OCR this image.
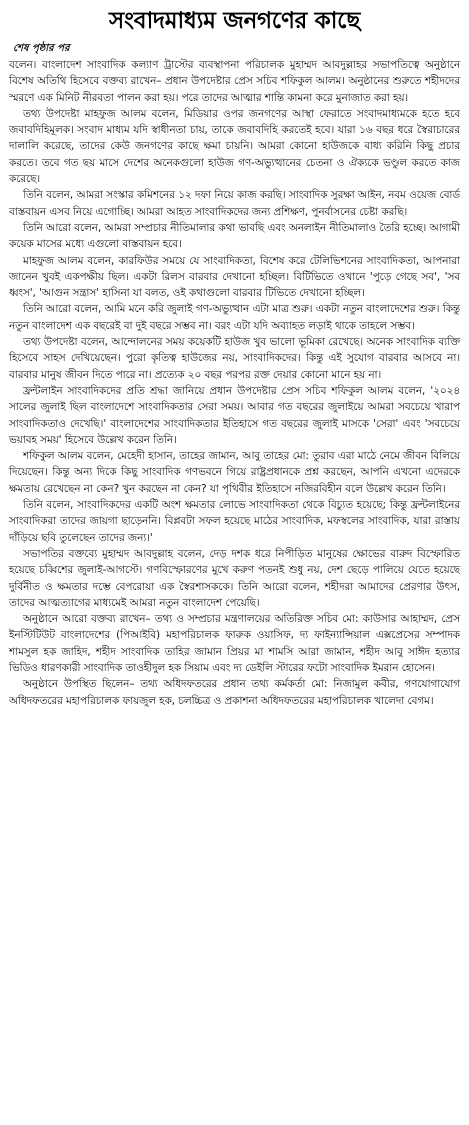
সংবাদমাধ্যম জনগণের কাছে
শেষ পৃষ্ঠার পর

বলেন। বাংলাদেশ সাংবাদিক কল্যাণ ট্রাস্টের ব্যবস্থাপনা পরিচালক মুহাম্মদ আবদুল্লাহর সভাপতিত্বে অনুষ্ঠানে বিশেষ অতিথি হিসেবে বক্তব্য রাখেন– প্রধান উপদেষ্টার প্রেস সচিব শফিকুল আলম। অনুষ্ঠানের শুরুতে শহীদদের স্মরণে এক মিনিট নীরবতা পালন করা হয়। পরে তাদের আত্মার শান্তি কামনা করে মুনাজাত করা হয়।

তথ্য উপদেষ্টা মাহফুজ আলম বলেন, মিডিয়ার ওপর জনগণের আস্থা ফেরাতে সংবাদমাধ্যমকে হতে হবে জবাবদিহিমূলক। সংবাদ মাধ্যম যদি স্বাধীনতা চায়, তাকে জবাবদিহি করতেই হবে। যারা ১৬ বছর ধরে স্বৈরাচারের দালালি করেছে, তাদের কেউ জনগণের কাছে ক্ষমা চায়নি। আমরা কোনো হাউজকে বাধ্য করিনি কিছু প্রচার করতে। তবে গত ছয় মাসে দেশের অনেকগুলো হাউজ গণ-অভ্যুত্থানের চেতনা ও ঐক্যকে ভণ্ডুল করতে কাজ করেছে।

তিনি বলেন, আমরা সংস্কার কমিশনের ১২ দফা নিয়ে কাজ করছি। সাংবাদিক সুরক্ষা আইন, নবম ওয়েজ বোর্ড বাস্তবায়ন এসব নিয়ে এগোচ্ছি। আমরা আহত সাংবাদিকদের জন্য প্রশিক্ষণ, পুনর্বাসনের চেষ্টা করছি।

তিনি আরো বলেন, আমরা সম্প্রচার নীতিমালার কথা ভাবছি এবং অনলাইন নীতিমালাও তৈরি হচ্ছে। আগামী কয়েক মাসের মধ্যে এগুলো বাস্তবায়ন হবে।

মাহফুজ আলম বলেন, কারফিউর সময়ে যে সাংবাদিকতা, বিশেষ করে টেলিভিশনের সাংবাদিকতা, আপনারা জানেন খুবই একপক্ষীয় ছিল। একটা রিলস বারবার দেখানো হচ্ছিল। বিটিভিতে ওখানে 'পুড়ে গেছে সব', 'সব ধ্বংস', 'আগুন সন্ত্রাস' হাসিনা যা বলত, ওই কথাগুলো বারবার টিভিতে দেখানো হচ্ছিল।

তিনি আরো বলেন, আমি মনে করি জুলাই গণ-অভ্যুত্থান এটা মাত্র শুরু। একটা নতুন বাংলাদেশের শুরু। কিন্তু নতুন বাংলাদেশ এক বছরেই বা দুই বছরে সম্ভব না। বরং এটা যদি অব্যাহত লড়াই থাকে তাহলে সম্ভব।

তথ্য উপদেষ্টা বলেন, আন্দোলনের সময় কয়েকটি হাউজ খুব ভালো ভূমিকা রেখেছে। অনেক সাংবাদিক ব্যক্তি হিসেবে সাহস দেখিয়েছেন। পুরো কৃতিত্ব হাউজের নয়, সাংবাদিকদের। কিন্তু এই সুযোগ বারবার আসবে না। বারবার মানুষ জীবন দিতে পারে না। প্রত্যেক ২০ বছর পরপর রক্ত দেয়ার কোনো মানে হয় না।

ফ্রন্টলাইন সাংবাদিকদের প্রতি শ্রদ্ধা জানিয়ে প্রধান উপদেষ্টার প্রেস সচিব শফিকুল আলম বলেন, '২০২৪ সালের জুলাই ছিল বাংলাদেশে সাংবাদিকতার সেরা সময়। আবার গত বছরের জুলাইয়ে আমরা সবচেয়ে খারাপ সাংবাদিকতাও দেখেছি।' বাংলাদেশের সাংবাদিকতার ইতিহাসে গত বছরের জুলাই মাসকে 'সেরা' এবং 'সবচেয়ে ভয়াবহ সময়' হিসেবে উল্লেখ করেন তিনি।

শফিকুল আলম বলেন, মেহেদী হাসান, তাহের জামান, আবু তাহের মো: তুরাব এরা মাঠে নেমে জীবন বিলিয়ে দিয়েছেন। কিন্তু অন্য দিকে কিছু সাংবাদিক গণভবনে গিয়ে রাষ্ট্রপ্রধানকে প্রশ্ন করছেন, আপনি এখনো এদেরকে ক্ষমতায় রেখেছেন না কেন? খুন করছেন না কেন? যা পৃথিবীর ইতিহাসে নজিরবিহীন বলে উল্লেখ করেন তিনি।

তিনি বলেন, সাংবাদিকদের একটি অংশ ক্ষমতার লোভে সাংবাদিকতা থেকে বিচ্যুত হয়েছে; কিন্তু ফ্রন্টলাইনের সাংবাদিকরা তাদের জায়গা ছাড়েননি। বিপ্লবটা সফল হয়েছে মাঠের সাংবাদিক, মফস্বলের সাংবাদিক, যারা রাস্তায় দাঁড়িয়ে ছবি তুলেছেন তাদের জন্য।'

সভাপতির বক্তব্যে মুহাম্মদ আবদুল্লাহ বলেন, দেড় দশক ধরে নিপীড়িত মানুষের ক্ষোভের বারুদ বিস্ফোরিত হয়েছে চব্বিশের জুলাই-আগস্টে। গণবিস্ফোরণের মুখে করুণ পতনই শুধু নয়, দেশ ছেড়ে পালিয়ে যেতে হয়েছে দুর্বিনীত ও ক্ষমতার দম্ভে বেপরোয়া এক স্বৈরশাসককে। তিনি আরো বলেন, শহীদরা আমাদের প্রেরণার উৎস, তাদের আত্মত্যাগের মাধ্যমেই আমরা নতুন বাংলাদেশ পেয়েছি।

অনুষ্ঠানে আরো বক্তব্য রাখেন– তথ্য ও সম্প্রচার মন্ত্রণালয়ের অতিরিক্ত সচিব মো: কাউসার আহাম্মদ, প্রেস ইনস্টিটিউট বাংলাদেশের (পিআইবি) মহাপরিচালক ফারুক ওয়াসিফ, দ্য ফাইন্যান্সিয়াল এক্সপ্রেসের সম্পাদক শামসুল হক জাহিদ, শহীদ সাংবাদিক তাহির জামান প্রিয়র মা শামসি আরা জামান, শহীদ আবু সাঈদ হত্যার ভিডিও ধারণকারী সাংবাদিক তাওহীদুল হক সিয়াম এবং দ্য ডেইলি স্টারের ফটো সাংবাদিক ইমরান হোসেন।

অনুষ্ঠানে উপস্থিত ছিলেন– তথ্য অধিদফতরের প্রধান তথ্য কর্মকর্তা মো: নিজামুল কবীর, গণযোগাযোগ অধিদফতরের মহাপরিচালক ফায়জুল হক, চলচ্চিত্র ও প্রকাশনা অধিদফতরের মহাপরিচালক খালেদা বেগম।
